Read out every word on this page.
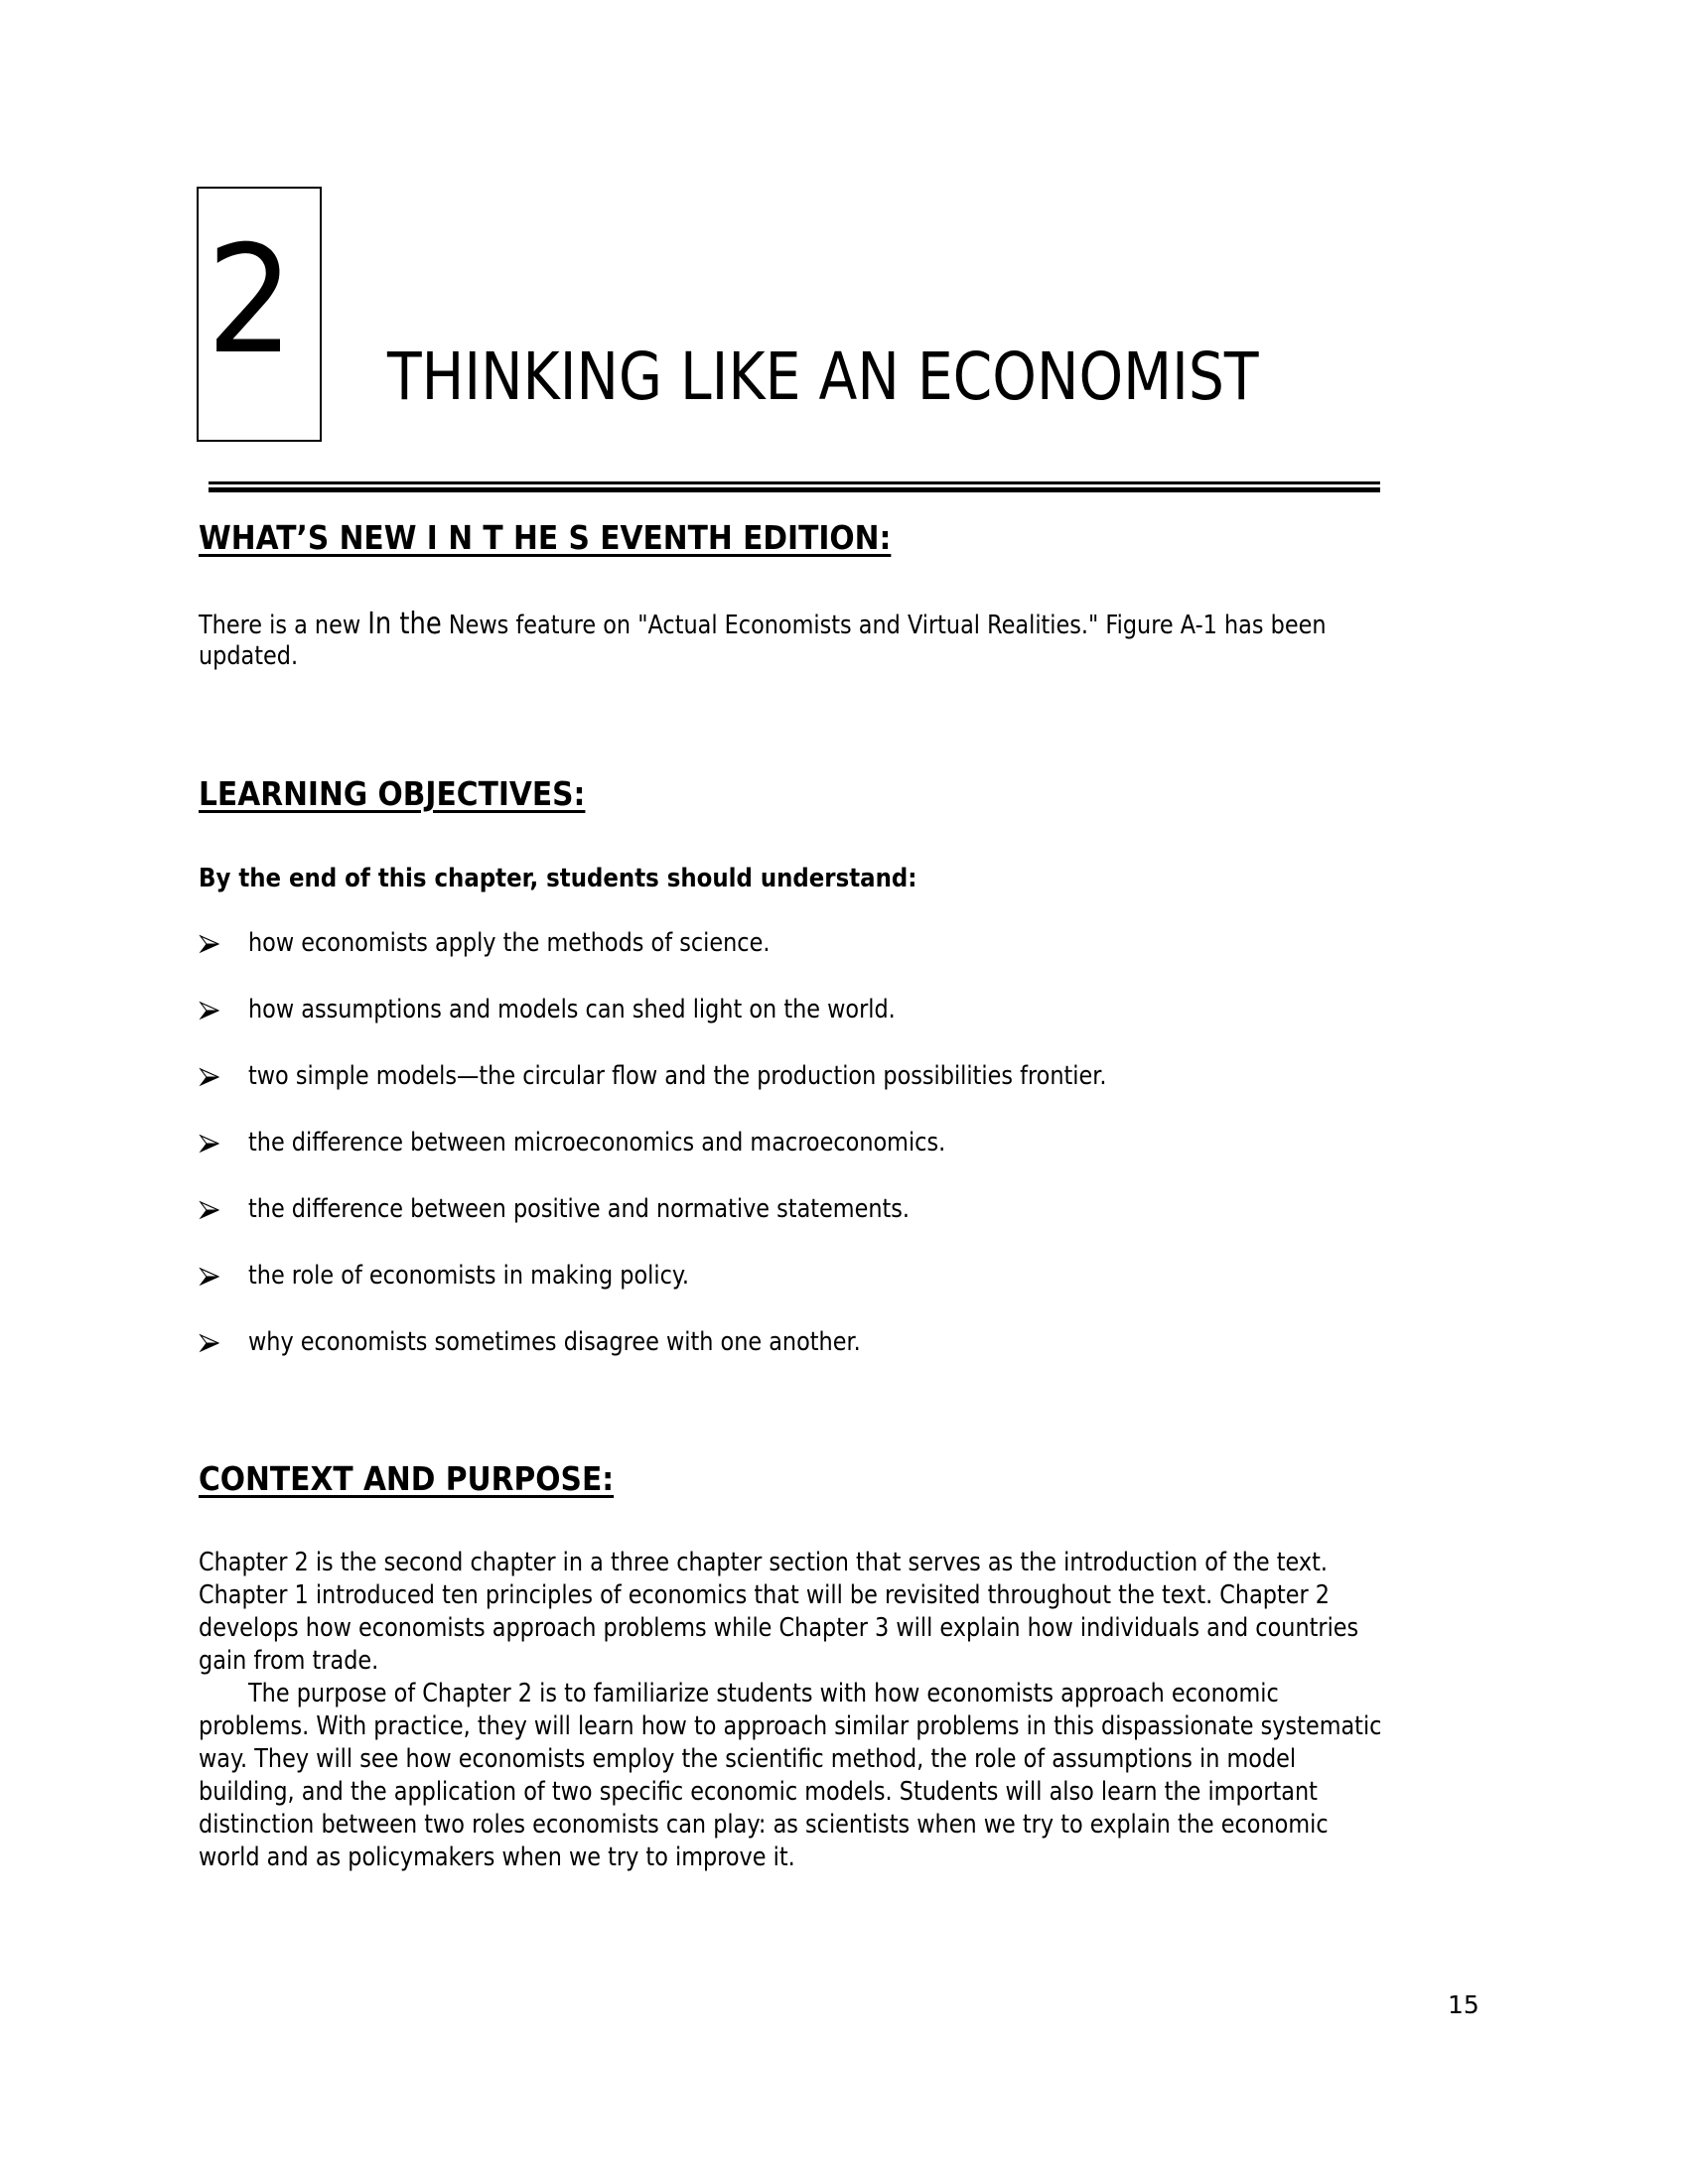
2 THINKING LIKE AN ECONOMIST
WHAT’S NEW I N T HE S EVENTH EDITION:
There is a new In the News feature on "Actual Economists and Virtual Realities." Figure A-1 has been
updated.
LEARNING OBJECTIVES:
By the end of this chapter, students should understand:
how economists apply the methods of science.
how assumptions and models can shed light on the world.
two simple models—the circular flow and the production possibilities frontier.
the difference between microeconomics and macroeconomics.
the difference between positive and normative statements.
the role of economists in making policy.
why economists sometimes disagree with one another.
CONTEXT AND PURPOSE:
Chapter 2 is the second chapter in a three chapter section that serves as the introduction of the text.
Chapter 1 introduced ten principles of economics that will be revisited throughout the text. Chapter 2
develops how economists approach problems while Chapter 3 will explain how individuals and countries
gain from trade.
The purpose of Chapter 2 is to familiarize students with how economists approach economic
problems. With practice, they will learn how to approach similar problems in this dispassionate systematic
way. They will see how economists employ the scientific method, the role of assumptions in model
building, and the application of two specific economic models. Students will also learn the important
distinction between two roles economists can play: as scientists when we try to explain the economic
world and as policymakers when we try to improve it.
15
